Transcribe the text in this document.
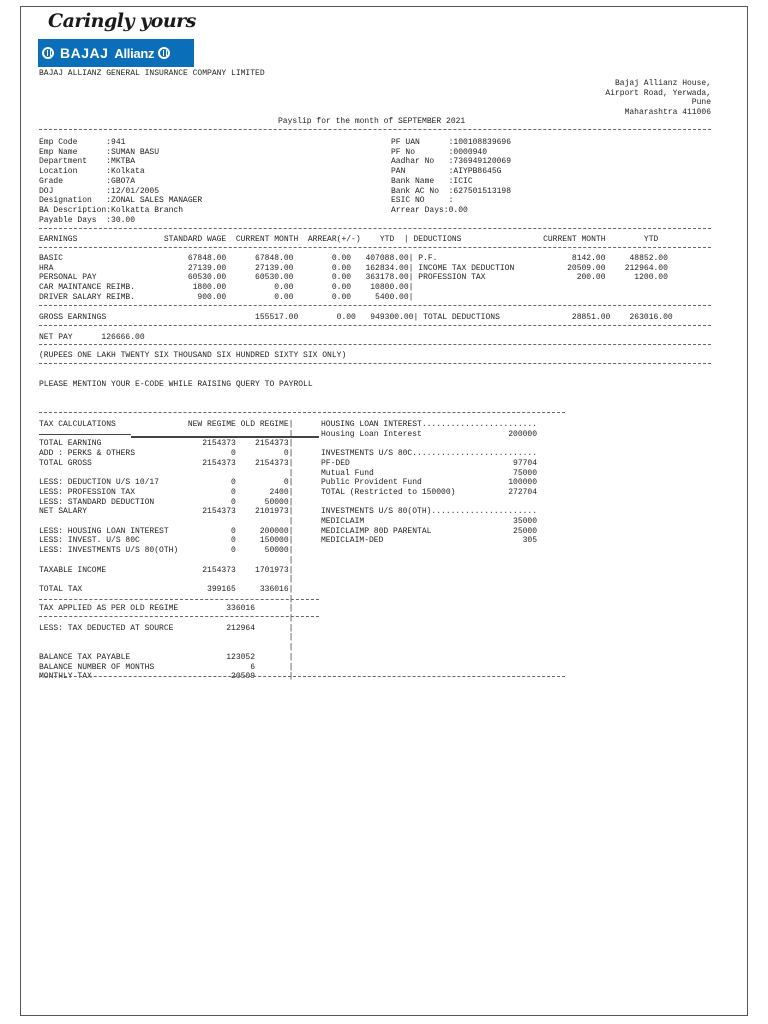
Caringly yours
BAJAJ Allianz
BAJAJ ALLIANZ GENERAL INSURANCE COMPANY LIMITED
Bajaj Allianz House,
Airport Road, Yerwada,
Pune
Maharashtra 411006
Payslip for the month of SEPTEMBER 2021
Emp Code      :941
Emp Name      :SUMAN BASU
Department    :MKTBA
Location      :Kolkata
Grade         :GBO7A
DOJ           :12/01/2005
Designation   :ZONAL SALES MANAGER
BA Description:Kolkatta Branch
Payable Days  :30.00
PF UAN      :100108839696
PF No       :0000940
Aadhar No   :736949120069
PAN         :AIYPB8645G
Bank Name   :ICIC
Bank AC No  :627501513198
ESIC NO     :
Arrear Days:0.00
EARNINGS                  STANDARD WAGE  CURRENT MONTH  ARREAR(+/-)    YTD  | DEDUCTIONS                 CURRENT MONTH        YTD
BASIC                          67848.00      67848.00        0.00   407088.00| P.F.                            8142.00     48852.00
HRA                            27139.00      27139.00        0.00   162834.00| INCOME TAX DEDUCTION           20509.00    212964.00
PERSONAL PAY                   60530.00      60530.00        0.00   363178.00| PROFESSION TAX                   200.00      1200.00
CAR MAINTANCE REIMB.            1800.00          0.00        0.00    10800.00|
DRIVER SALARY REIMB.             900.00          0.00        0.00     5400.00|
GROSS EARNINGS                               155517.00        0.00   949300.00| TOTAL DEDUCTIONS               28851.00    263016.00
NET PAY      126666.00
(RUPEES ONE LAKH TWENTY SIX THOUSAND SIX HUNDRED SIXTY SIX ONLY)
PLEASE MENTION YOUR E-CODE WHILE RAISING QUERY TO PAYROLL
TAX CALCULATIONS               NEW REGIME OLD REGIME|
|
TOTAL EARNING                     2154373    2154373|
ADD : PERKS & OTHERS                    0          0|
TOTAL GROSS                       2154373    2154373|
|
LESS: DEDUCTION U/S 10/17               0          0|
LESS: PROFESSION TAX                    0       2400|
LESS: STANDARD DEDUCTION                0      50000|
NET SALARY                        2154373    2101973|
|
LESS: HOUSING LOAN INTEREST             0     200000|
LESS: INVEST. U/S 80C                   0     150000|
LESS: INVESTMENTS U/S 80(OTH)           0      50000|
|
TAXABLE INCOME                    2154373    1701973|
|
TOTAL TAX                          399165     336016|
|
TAX APPLIED AS PER OLD REGIME          336016       |
|
LESS: TAX DEDUCTED AT SOURCE           212964       |
|
|
BALANCE TAX PAYABLE                    123052       |
BALANCE NUMBER OF MONTHS                    6       |
MONTHLY TAX                             20509       |
HOUSING LOAN INTEREST........................
Housing Loan Interest                  200000

INVESTMENTS U/S 80C..........................
PF-DED                                  97704
Mutual Fund                             75000
Public Provident Fund                  100000
TOTAL (Restricted to 150000)           272704

INVESTMENTS U/S 80(OTH)......................
MEDICLAIM                               35000
MEDICLAIMP 80D PARENTAL                 25000
MEDICLAIM-DED                             305
